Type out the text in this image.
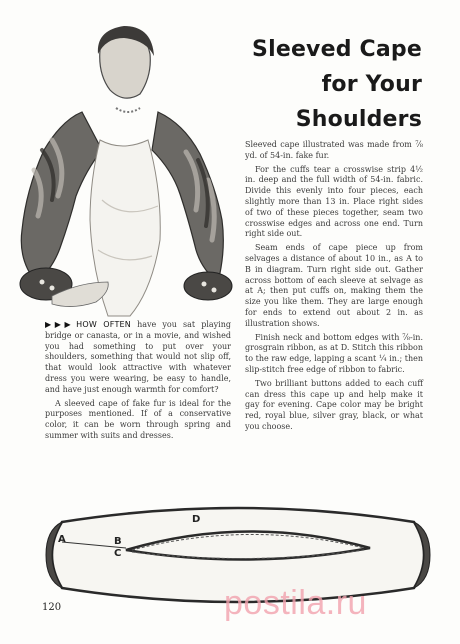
Sleeved Cape
for Your Shoulders

Sleeved cape illustrated was made from ⅞ yd. of 54-in. fake fur.

For the cuffs tear a crosswise strip 4½ in. deep and the full width of 54-in. fabric. Divide this evenly into four pieces, each slightly more than 13 in. Place right sides of two of these pieces together, seam two crosswise edges and across one end. Turn right side out.

Seam ends of cape piece up from selvages a distance of about 10 in., as A to B in diagram. Turn right side out. Gather across bottom of each sleeve at selvage as at A; then put cuffs on, making them the size you like them. They are large enough for ends to extend out about 2 in. as illustration shows.

Finish neck and bottom edges with ⅞-in. grosgrain ribbon, as at D. Stitch this ribbon to the raw edge, lapping a scant ¼ in.; then slip-stitch free edge of ribbon to fabric.

Two brilliant buttons added to each cuff can dress this cape up and help make it gay for evening. Cape color may be bright red, royal blue, silver gray, black, or what you choose.

▶▶▶ HOW OFTEN have you sat playing bridge or canasta, or in a movie, and wished you had something to put over your shoulders, something that would not slip off, that would look attractive with whatever dress you were wearing, be easy to handle, and have just enough warmth for comfort?

A sleeved cape of fake fur is ideal for the purposes mentioned. If of a conservative color, it can be worn through spring and summer with suits and dresses.

A	B
C
D

120	postila.ru
